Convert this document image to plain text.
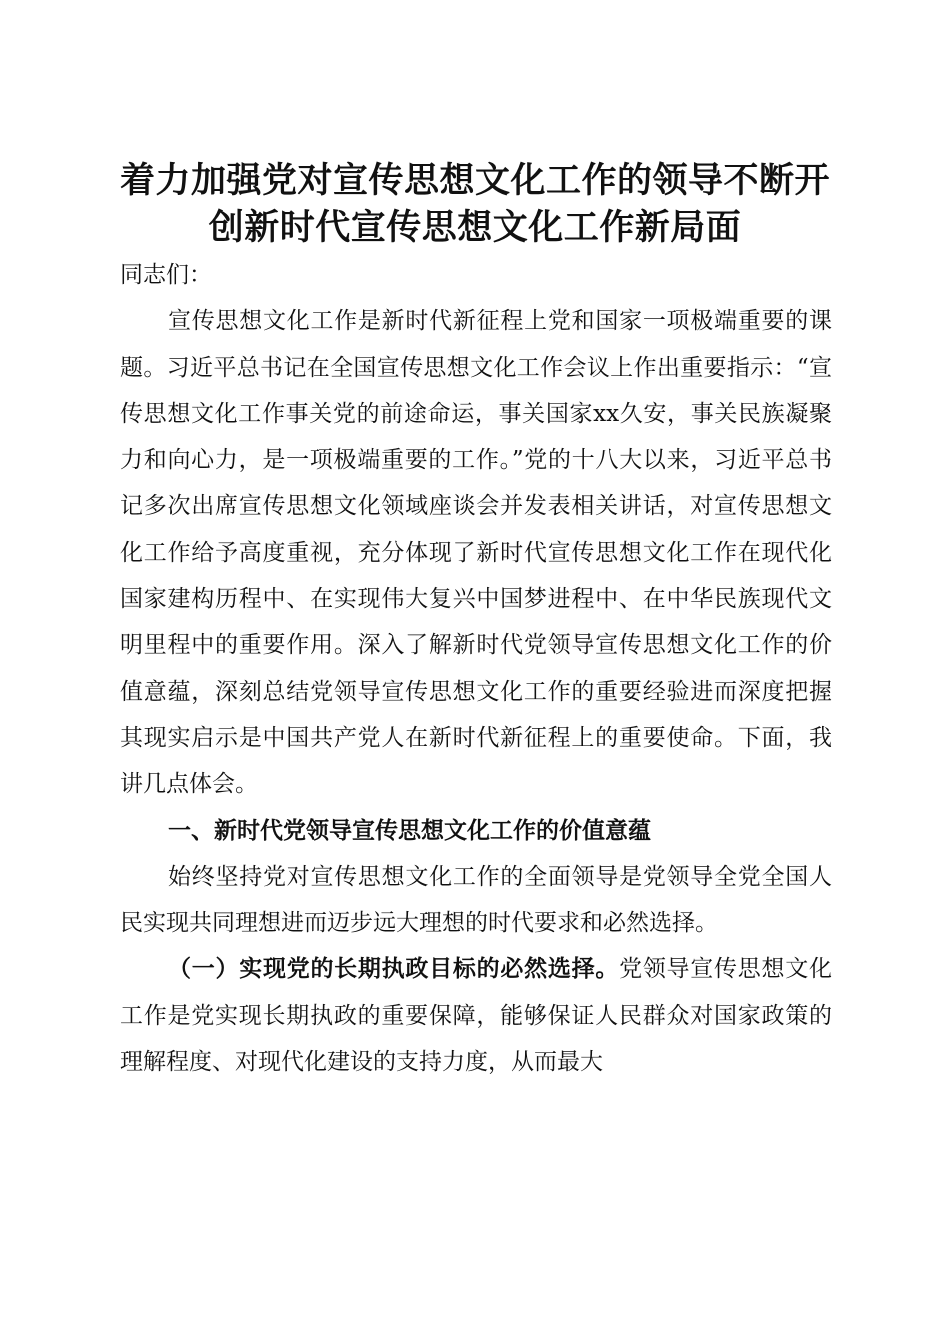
着力加强党对宣传思想文化工作的领导不断开
创新时代宣传思想文化工作新局面

同志们：

宣传思想文化工作是新时代新征程上党和国家一项极端重要的课题。习近平总书记在全国宣传思想文化工作会议上作出重要指示：“宣传思想文化工作事关党的前途命运，事关国家xx久安，事关民族凝聚力和向心力，是一项极端重要的工作。”党的十八大以来，习近平总书记多次出席宣传思想文化领域座谈会并发表相关讲话，对宣传思想文化工作给予高度重视，充分体现了新时代宣传思想文化工作在现代化国家建构历程中、在实现伟大复兴中国梦进程中、在中华民族现代文明里程中的重要作用。深入了解新时代党领导宣传思想文化工作的价值意蕴，深刻总结党领导宣传思想文化工作的重要经验进而深度把握其现实启示是中国共产党人在新时代新征程上的重要使命。下面，我讲几点体会。

一、新时代党领导宣传思想文化工作的价值意蕴

始终坚持党对宣传思想文化工作的全面领导是党领导全党全国人民实现共同理想进而迈步远大理想的时代要求和必然选择。

（一）实现党的长期执政目标的必然选择。党领导宣传思想文化工作是党实现长期执政的重要保障，能够保证人民群众对国家政策的理解程度、对现代化建设的支持力度，从而最大
